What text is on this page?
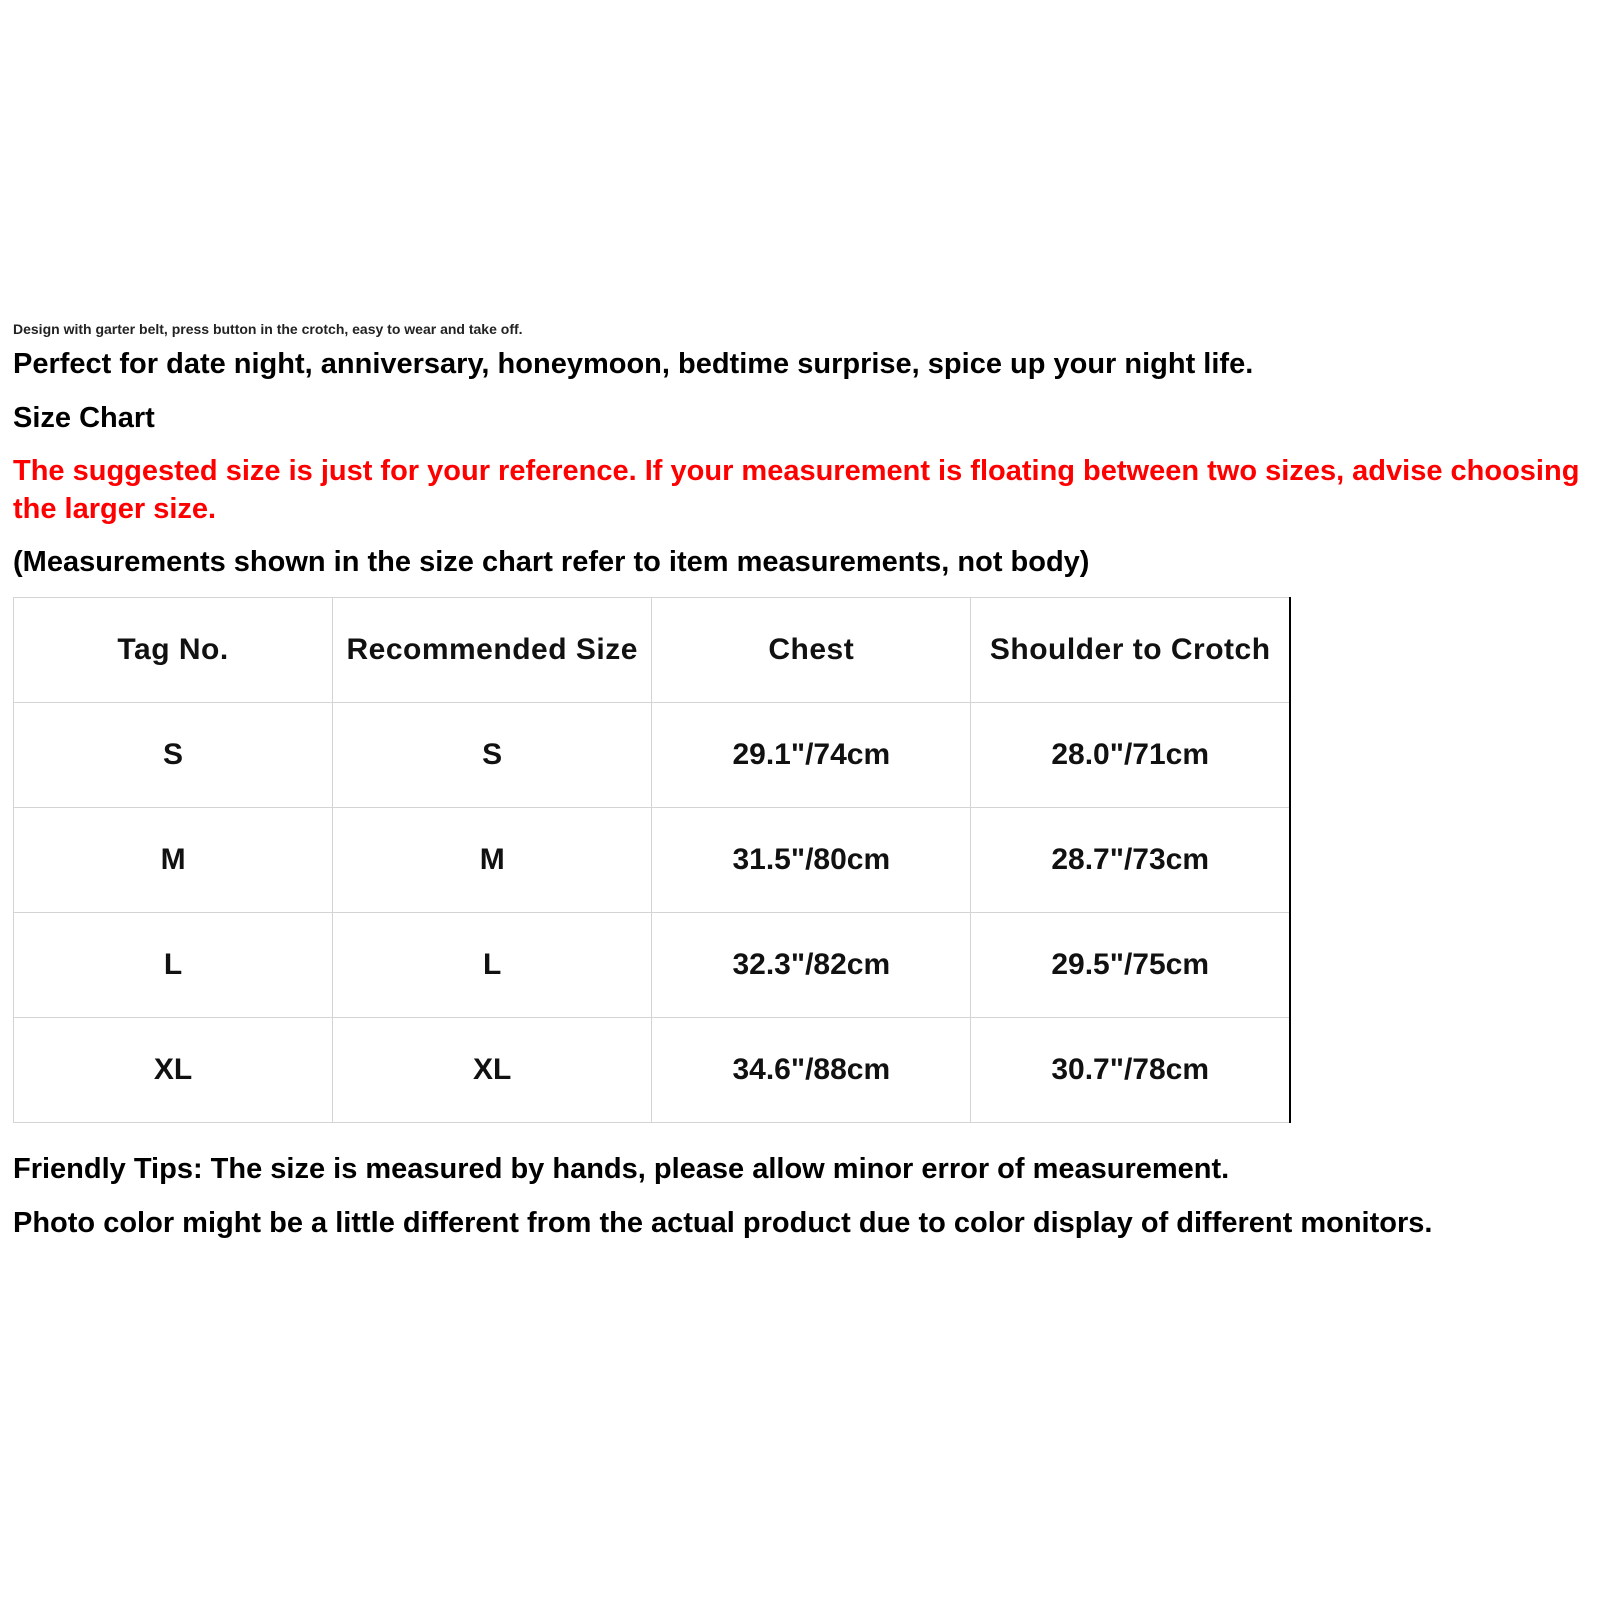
Design with garter belt, press button in the crotch, easy to wear and take off.
Perfect for date night, anniversary, honeymoon, bedtime surprise, spice up your night life.
Size Chart
The suggested size is just for your reference. If your measurement is floating between two sizes, advise choosing the larger size.
(Measurements shown in the size chart refer to item measurements, not body)
Tag No.	Recommended Size	Chest	Shoulder to Crotch
S	S	29.1"/74cm	28.0"/71cm
M	M	31.5"/80cm	28.7"/73cm
L	L	32.3"/82cm	29.5"/75cm
XL	XL	34.6"/88cm	30.7"/78cm
Friendly Tips: The size is measured by hands, please allow minor error of measurement.
Photo color might be a little different from the actual product due to color display of different monitors.
